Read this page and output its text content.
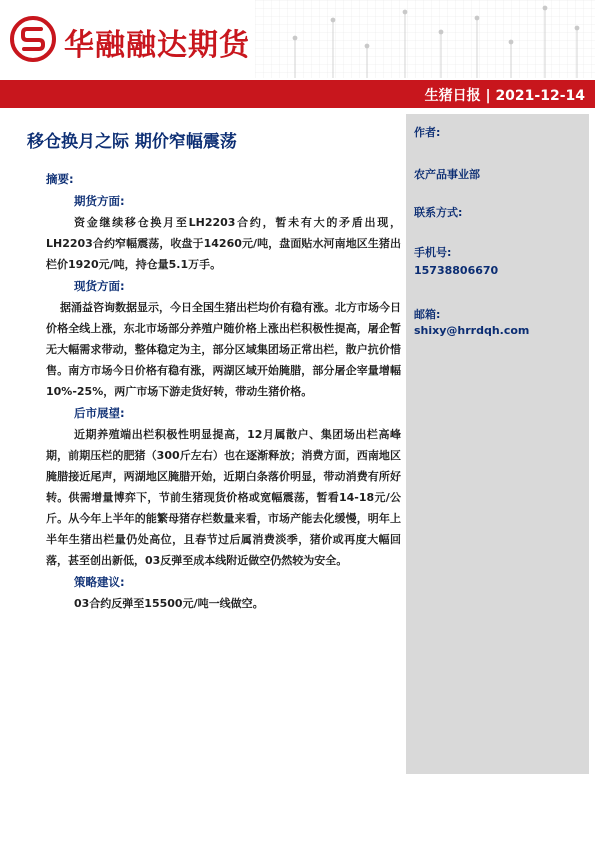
华融融达期货
生猪日报 | 2021-12-14
作者:
农产品事业部
联系方式:
手机号:
15738806670
邮箱:
shixy@hrrdqh.com
移仓换月之际 期价窄幅震荡
摘要:
期货方面:

资金继续移仓换月至LH2203合约，暂未有大的矛盾出现，LH2203合约窄幅震荡，收盘于14260元/吨，盘面贴水河南地区生猪出栏价1920元/吨，持仓量5.1万手。

现货方面:

据涌益咨询数据显示，今日全国生猪出栏均价有稳有涨。北方市场今日价格全线上涨，东北市场部分养殖户随价格上涨出栏积极性提高，屠企暂无大幅需求带动，整体稳定为主，部分区域集团场正常出栏，散户抗价惜售。南方市场今日价格有稳有涨，两湖区域开始腌腊，部分屠企宰量增幅10%-25%，两广市场下游走货好转，带动生猪价格。

后市展望:

近期养殖端出栏积极性明显提高，12月属散户、集团场出栏高峰期，前期压栏的肥猪（300斤左右）也在逐渐释放；消费方面，西南地区腌腊接近尾声，两湖地区腌腊开始，近期白条落价明显，带动消费有所好转。供需增量博弈下，节前生猪现货价格或宽幅震荡，暂看14-18元/公斤。从今年上半年的能繁母猪存栏数量来看，市场产能去化缓慢，明年上半年生猪出栏量仍处高位，且春节过后属消费淡季，猪价或再度大幅回落，甚至创出新低，03反弹至成本线附近做空仍然较为安全。

策略建议:

03合约反弹至15500元/吨一线做空。
